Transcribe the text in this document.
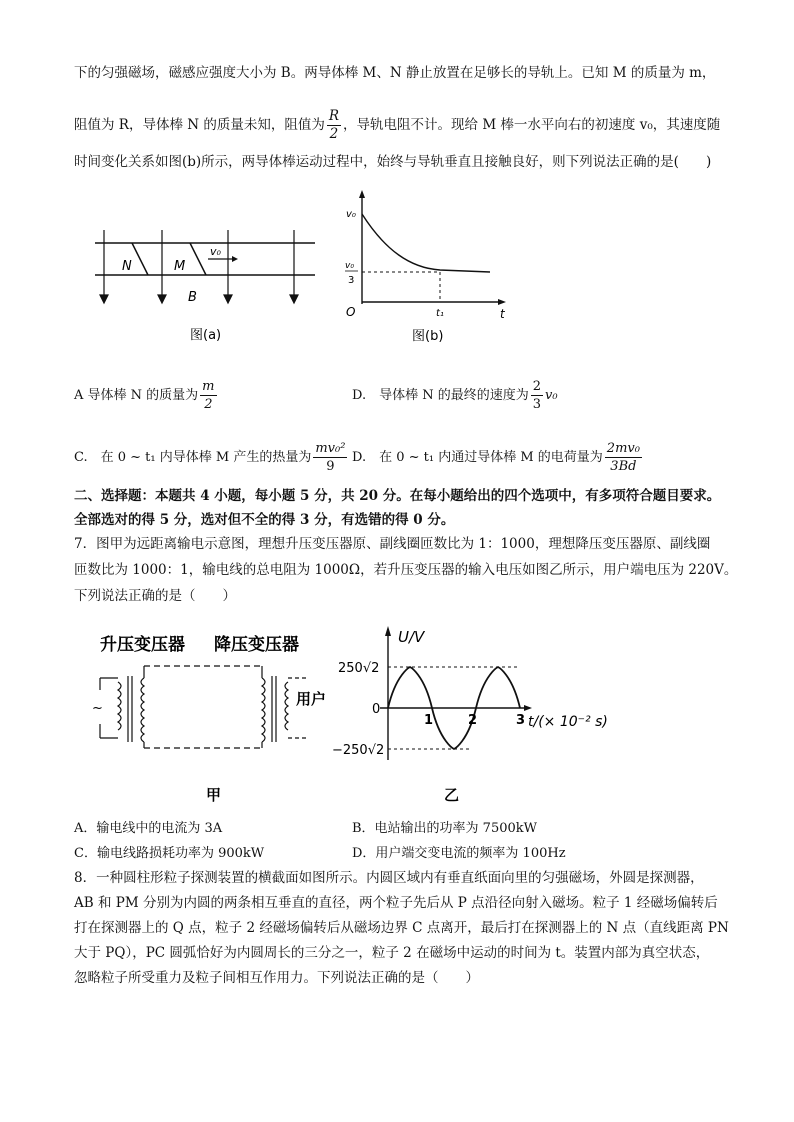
下的匀强磁场，磁感应强度大小为 B。两导体棒 M、N 静止放置在足够长的导轨上。已知 M 的质量为 m，
阻值为 R，导体棒 N 的质量未知，阻值为 $\frac{R}{2}$ ，导轨电阻不计。现给 M 棒一水平向右的初速度 v₀，其速度随
时间变化关系如图(b)所示，两导体棒运动过程中，始终与导轨垂直且接触良好，则下列说法正确的是(　　)
N	M
v₀
B
图(a)
v₀
v₀
3
O	t₁	t
图(b)
A 导体棒 N 的质量为 $\frac{m}{2}$	D.　导体棒 N 的最终的速度为 $\frac{2}{3} v_0$
C.　在 0 ~ t₁ 内导体棒 M 产生的热量为 $\frac{\text{mv₀²}}{9} D$.　在 0 ~ t₁ 内通过导体棒 M 的电荷量为 $\frac{\text{2mv₀}}{3Bd}$
二、选择题：本题共 4 小题，每小题 5 分，共 20 分。在每小题给出的四个选项中，有多项符合题目要求。
全部选对的得 5 分，选对但不全的得 3 分，有选错的得 0 分。
7．图甲为远距离输电示意图，理想升压变压器原、副线圈匝数比为 1：1000，理想降压变压器原、副线圈
匝数比为 1000：1，输电线的总电阻为 1000Ω，若升压变压器的输入电压如图乙所示，用户端电压为 220V。
下列说法正确的是（　　）
升压变压器 降压变压器
~
用户
甲
U/V
250√2
−250√2
0
1	2	3 t/(× 10⁻² s)
乙
A．输电线中的电流为 3A	B．电站输出的功率为 7500kW
C．输电线路损耗功率为 900kW	D．用户端交变电流的频率为 100Hz
8．一种圆柱形粒子探测装置的横截面如图所示。内圆区域内有垂直纸面向里的匀强磁场，外圆是探测器，
AB 和 PM 分别为内圆的两条相互垂直的直径，两个粒子先后从 P 点沿径向射入磁场。粒子 1 经磁场偏转后
打在探测器上的 Q 点，粒子 2 经磁场偏转后从磁场边界 C 点离开，最后打在探测器上的 N 点（直线距离 PN
大于 PQ），PC 圆弧恰好为内圆周长的三分之一，粒子 2 在磁场中运动的时间为 t。装置内部为真空状态，
忽略粒子所受重力及粒子间相互作用力。下列说法正确的是（　　）
